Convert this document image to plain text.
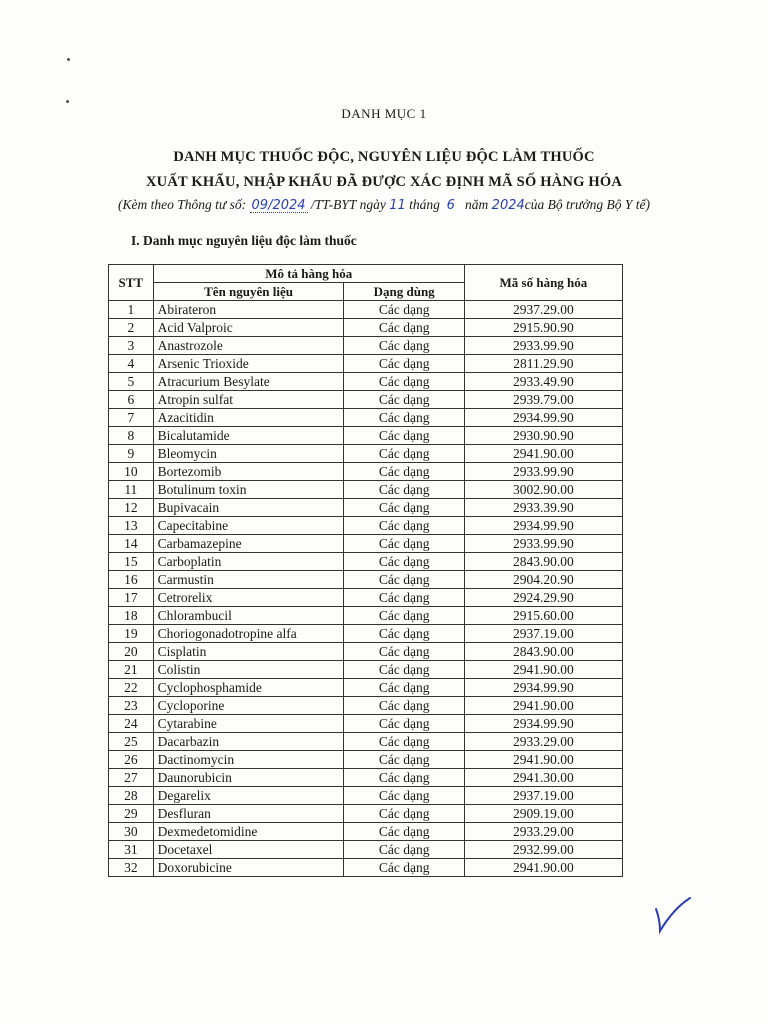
DANH MỤC 1
DANH MỤC THUỐC ĐỘC, NGUYÊN LIỆU ĐỘC LÀM THUỐC
XUẤT KHẨU, NHẬP KHẨU ĐÃ ĐƯỢC XÁC ĐỊNH MÃ SỐ HÀNG HÓA
(Kèm theo Thông tư số: 09/2024 /TT-BYT ngày 11 tháng 6 năm 2024của Bộ trưởng Bộ Y tế)
I. Danh mục nguyên liệu độc làm thuốc
STT	Mô tả hàng hóa		Mã số hàng hóa
	Tên nguyên liệu	Dạng dùng	
1	Abirateron	Các dạng	2937.29.00
2	Acid Valproic	Các dạng	2915.90.90
3	Anastrozole	Các dạng	2933.99.90
4	Arsenic Trioxide	Các dạng	2811.29.90
5	Atracurium Besylate	Các dạng	2933.49.90
6	Atropin sulfat	Các dạng	2939.79.00
7	Azacitidin	Các dạng	2934.99.90
8	Bicalutamide	Các dạng	2930.90.90
9	Bleomycin	Các dạng	2941.90.00
10	Bortezomib	Các dạng	2933.99.90
11	Botulinum toxin	Các dạng	3002.90.00
12	Bupivacain	Các dạng	2933.39.90
13	Capecitabine	Các dạng	2934.99.90
14	Carbamazepine	Các dạng	2933.99.90
15	Carboplatin	Các dạng	2843.90.00
16	Carmustin	Các dạng	2904.20.90
17	Cetrorelix	Các dạng	2924.29.90
18	Chlorambucil	Các dạng	2915.60.00
19	Choriogonadotropine alfa	Các dạng	2937.19.00
20	Cisplatin	Các dạng	2843.90.00
21	Colistin	Các dạng	2941.90.00
22	Cyclophosphamide	Các dạng	2934.99.90
23	Cycloporine	Các dạng	2941.90.00
24	Cytarabine	Các dạng	2934.99.90
25	Dacarbazin	Các dạng	2933.29.00
26	Dactinomycin	Các dạng	2941.90.00
27	Daunorubicin	Các dạng	2941.30.00
28	Degarelix	Các dạng	2937.19.00
29	Desfluran	Các dạng	2909.19.00
30	Dexmedetomidine	Các dạng	2933.29.00
31	Docetaxel	Các dạng	2932.99.00
32	Doxorubicine	Các dạng	2941.90.00
